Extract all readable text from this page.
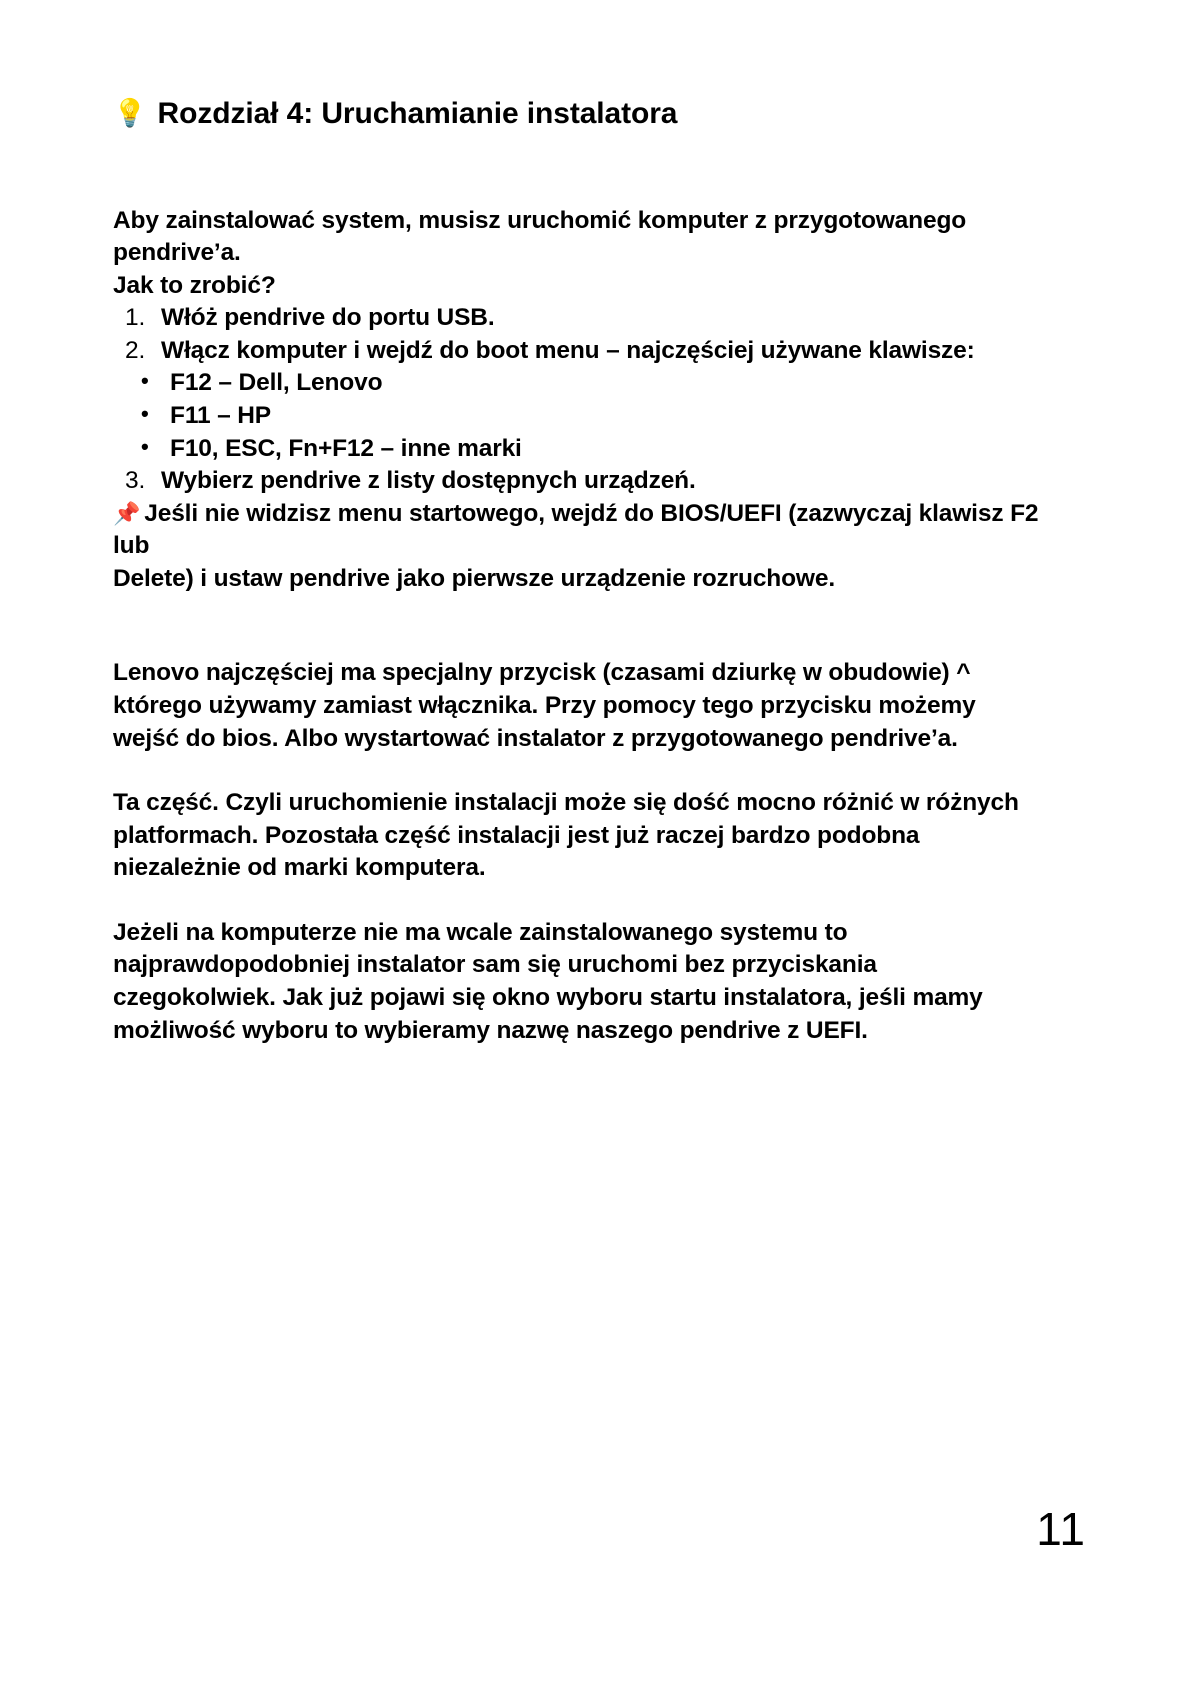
💡 Rozdział 4: Uruchamianie instalatora

Aby zainstalować system, musisz uruchomić komputer z przygotowanego pendrive’a.

Jak to zrobić?

Włóż pendrive do portu USB.
Włącz komputer i wejdź do boot menu – najczęściej używane klawisze:
• F12 – Dell, Lenovo
• F11 – HP
• F10, ESC, Fn+F12 – inne marki
3. Wybierz pendrive z listy dostępnych urządzeń.

📌 Jeśli nie widzisz menu startowego, wejdź do BIOS/UEFI (zazwyczaj klawisz F2 lub

Delete) i ustaw pendrive jako pierwsze urządzenie rozruchowe.

Lenovo najczęściej ma specjalny przycisk (czasami dziurkę w obudowie) ^

którego używamy zamiast włącznika. Przy pomocy tego przycisku możemy

wejść do bios. Albo wystartować instalator z przygotowanego pendrive’a.

Ta część. Czyli uruchomienie instalacji może się dość mocno różnić w różnych

platformach. Pozostała część instalacji jest już raczej bardzo podobna

niezależnie od marki komputera.

Jeżeli na komputerze nie ma wcale zainstalowanego systemu to

najprawdopodobniej instalator sam się uruchomi bez przyciskania

czegokolwiek. Jak już pojawi się okno wyboru startu instalatora, jeśli mamy

możliwość wyboru to wybieramy nazwę naszego pendrive z UEFI.

11
